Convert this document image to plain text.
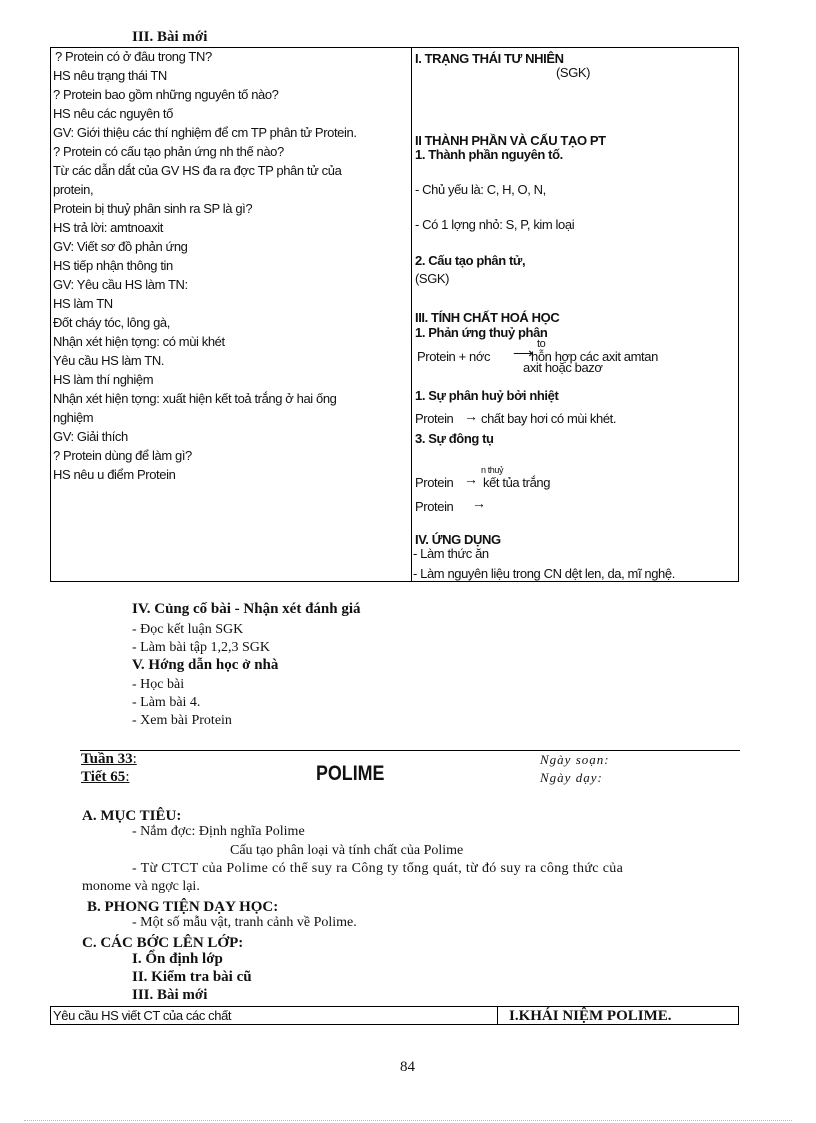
III. Bài mới
? Protein có ở đâu trong TN?
HS nêu trạng thái TN
? Protein bao gồm những nguyên tố nào?
HS nêu các nguyên tố
GV: Giới thiệu các thí nghiệm để cm TP phân tử Protein.
? Protein có cấu tạo phản ứng nh thế nào?
Từ các dẫn dắt của GV HS đa ra đợc TP phân tử của
protein,
Protein bị thuỷ phân sinh ra SP là gì?
HS trả lời: amtnoaxit
GV: Viết sơ đồ phản ứng
HS tiếp nhận thông tin
GV: Yêu cầu HS làm TN:
HS làm TN
Đốt cháy tóc, lông gà,
Nhận xét hiện tợng: có mùi khét
Yêu cầu HS làm TN.
HS làm thí nghiệm
Nhận xét hiện tợng: xuất hiện kết toả trắng ở hai ống
nghiệm
GV: Giải thích
? Protein dùng để làm gì?
HS nêu u điểm Protein
I. TRẠNG THÁI TƯ NHIÊN
(SGK)
II THÀNH PHẦN VÀ CẤU TẠO PT
1. Thành phần nguyên tố.
- Chủ yếu là: C, H, O, N,
- Có 1 lợng nhỏ: S, P, kim loại
2. Cấu tạo phân tử,
(SGK)
III. TÍNH CHẤT HOÁ HỌC
1. Phản ứng thuỷ phân
Protein + nớc
to
⟶
hỗn hợp các axit amtan
axit hoặc bazơ
1. Sự phân huỷ bởi nhiệt
Protein → chất bay hơi có mùi khét.
3. Sự đông tụ
Protein
n thuỷ
→ kết tủa trắng
Protein →
IV. ỨNG DỤNG
- Làm thức ăn
- Làm nguyên liệu trong CN dệt len, da, mĩ nghệ.
IV. Củng cố bài - Nhận xét đánh giá
- Đọc kết luận SGK
- Làm bài tập 1,2,3 SGK
V. Hớng dẫn học ở nhà
- Học bài
- Làm bài 4.
- Xem bài Protein
Tuần 33:
Tiết 65:	POLIME
Ngày soạn:
Ngày dạy:
A. MỤC TIÊU:
- Nắm đợc: Định nghĩa Polime
Cấu tạo phân loại và tính chất của Polime
- Từ CTCT của Polime có thể suy ra Công ty tổng quát, từ đó suy ra công thức của
monome và ngợc lại.
B. PHONG TIỆN DẠY HỌC:
- Một số mẫu vật, tranh cảnh về Polime.
C. CÁC BỚC LÊN LỚP:
I. Ổn định lớp
II. Kiểm tra bài cũ
III. Bài mới
Yêu cầu HS viết CT của các chất	I.KHÁI NIỆM POLIME.
84
